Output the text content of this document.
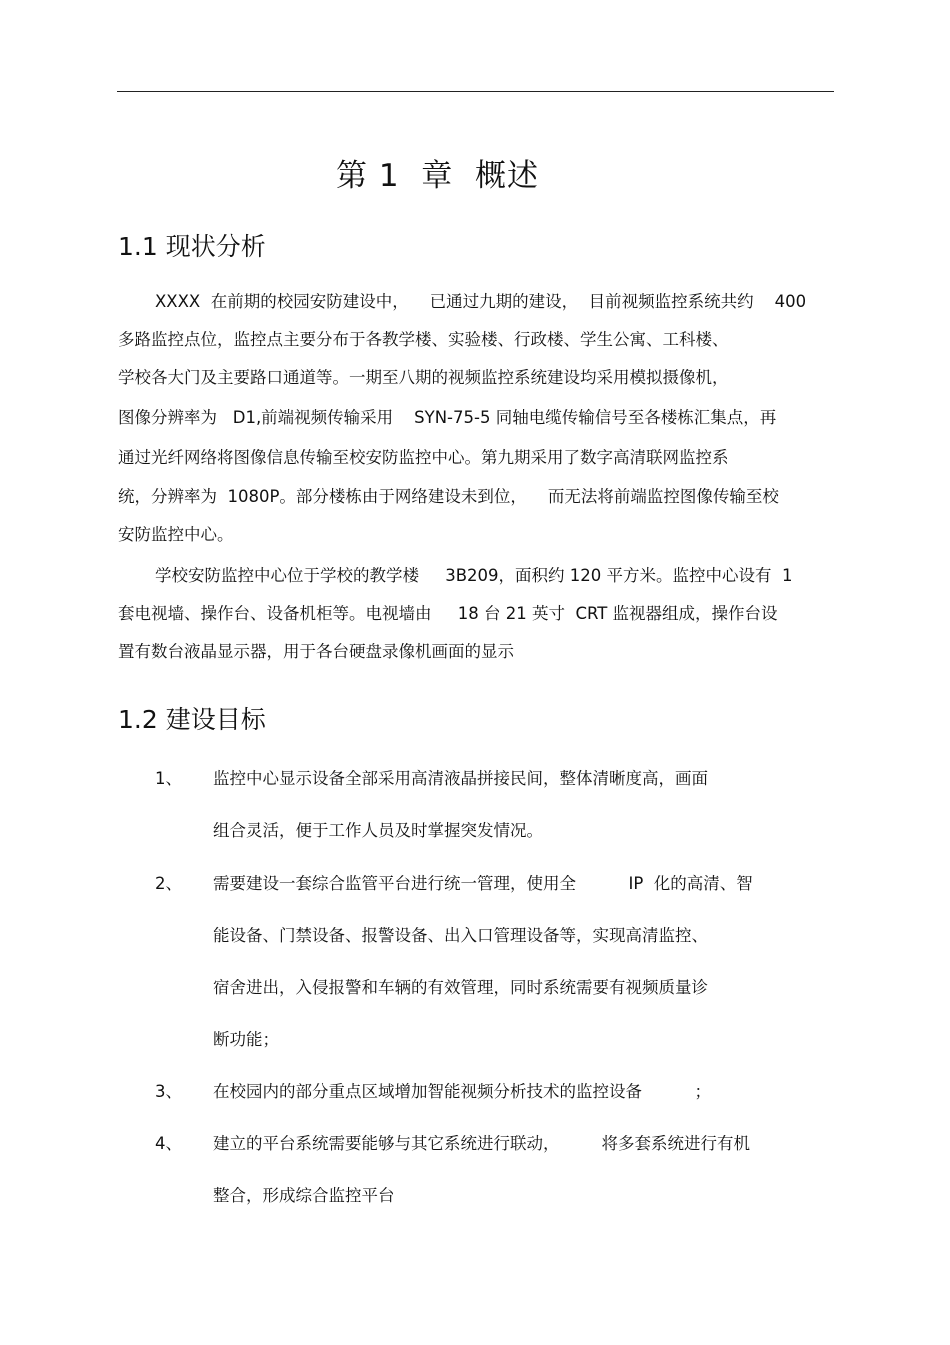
第 1  章  概述
1.1 现状分析
XXXX  在前期的校园安防建设中，    已通过九期的建设，  目前视频监控系统共约    400
多路监控点位，监控点主要分布于各教学楼、实验楼、行政楼、学生公寓、工科楼、
学校各大门及主要路口通道等。一期至八期的视频监控系统建设均采用模拟摄像机，
图像分辨率为   D1,前端视频传输采用    SYN-75-5 同轴电缆传输信号至各楼栋汇集点，再
通过光纤网络将图像信息传输至校安防监控中心。第九期采用了数字高清联网监控系
统，分辨率为  1080P。部分楼栋由于网络建设未到位，    而无法将前端监控图像传输至校
安防监控中心。
学校安防监控中心位于学校的教学楼     3B209，面积约 120 平方米。监控中心设有  1
套电视墙、操作台、设备机柜等。电视墙由     18 台 21 英寸  CRT 监视器组成，操作台设
置有数台液晶显示器，用于各台硬盘录像机画面的显示
1.2 建设目标
1、 监控中心显示设备全部采用高清液晶拼接民间，整体清晰度高，画面
组合灵活，便于工作人员及时掌握突发情况。
2、 需要建设一套综合监管平台进行统一管理，使用全          IP  化的高清、智
能设备、门禁设备、报警设备、出入口管理设备等，实现高清监控、
宿舍进出，入侵报警和车辆的有效管理，同时系统需要有视频质量诊
断功能；
3、 在校园内的部分重点区域增加智能视频分析技术的监控设备          ；
4、 建立的平台系统需要能够与其它系统进行联动，        将多套系统进行有机
整合，形成综合监控平台
